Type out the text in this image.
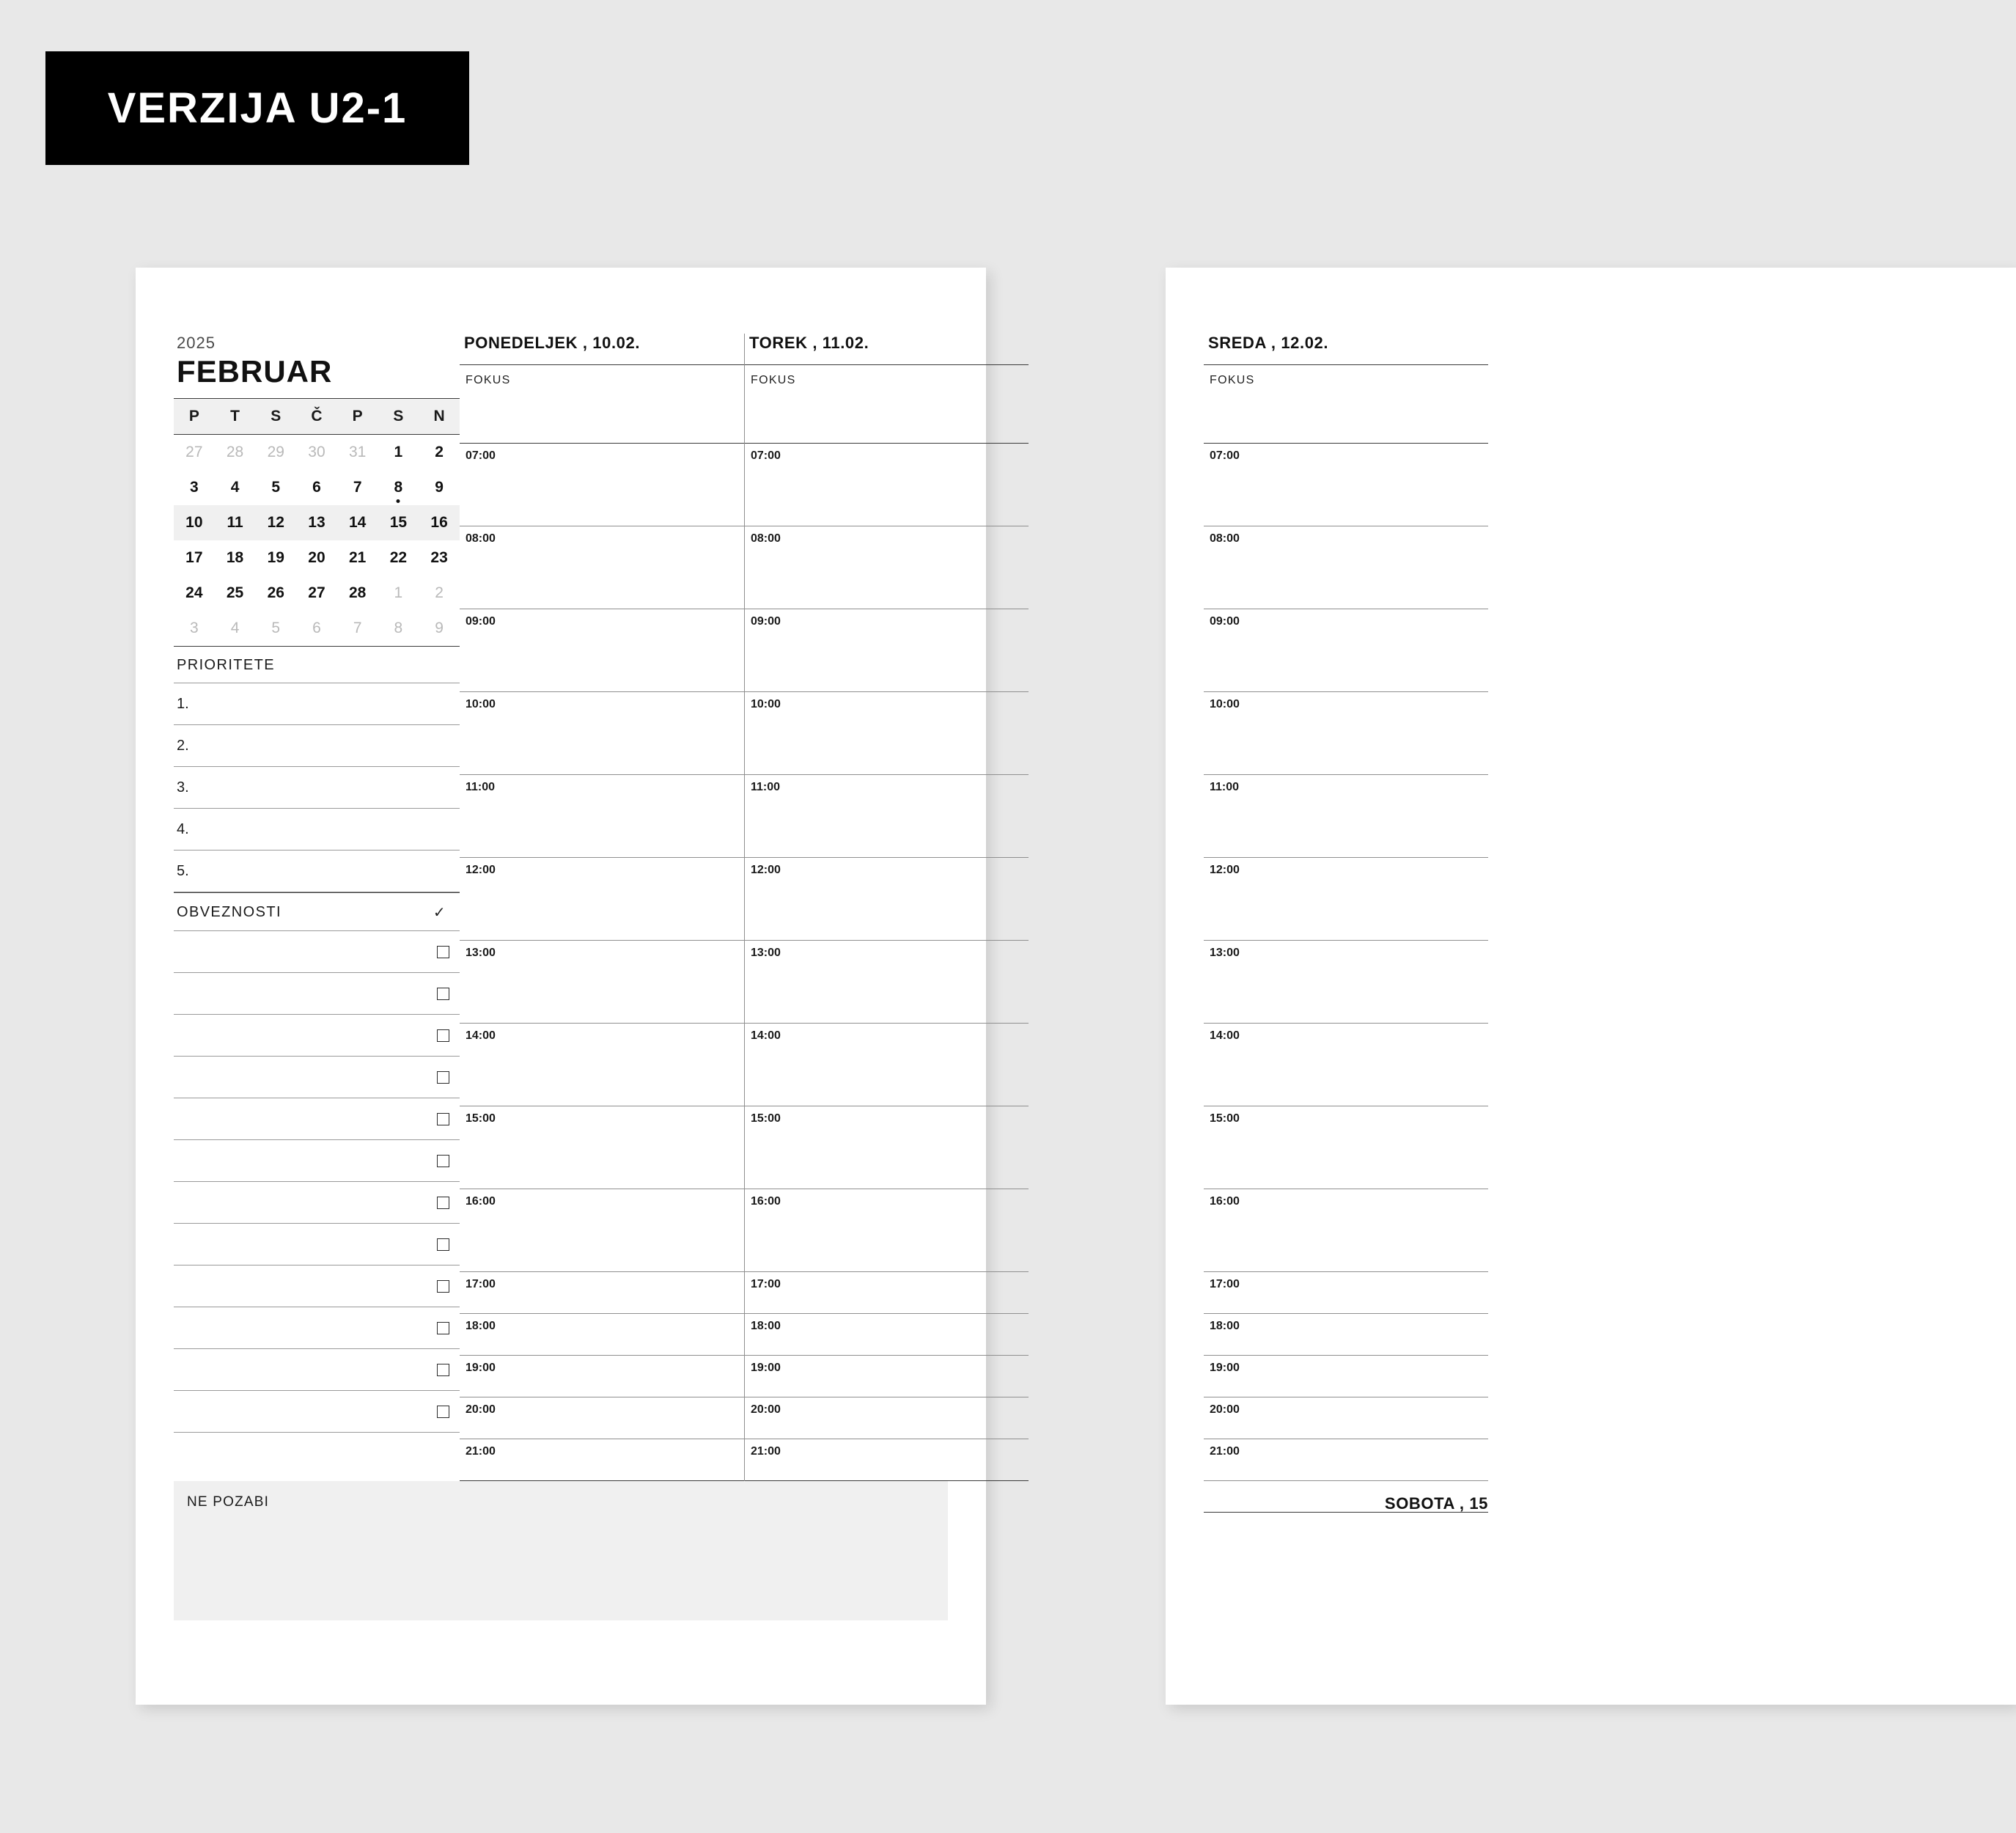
VERZIJA U2-1
2025
FEBRUAR
P	T	S	Č	P	S	N
27	28	29	30	31	1	2
3	4	5	6	7	8	9
10	11	12	13	14	15	16
17	18	19	20	21	22	23
24	25	26	27	28	1	2
3	4	5	6	7	8	9
PRIORITETE
1.
2.
3.
4.
5.
OBVEZNOSTI	✓
PONEDELJEK , 10.02.
FOKUS
07:00
08:00
09:00
10:00
11:00
12:00
13:00
14:00
15:00
16:00
17:00
18:00
19:00
20:00
21:00
TOREK , 11.02.
FOKUS
07:00
08:00
09:00
10:00
11:00
12:00
13:00
14:00
15:00
16:00
17:00
18:00
19:00
20:00
21:00
NE POZABI
SREDA , 12.02.
FOKUS
07:00
08:00
09:00
10:00
11:00
12:00
13:00
14:00
15:00
16:00
17:00
18:00
19:00
20:00
21:00
SOBOTA , 15
